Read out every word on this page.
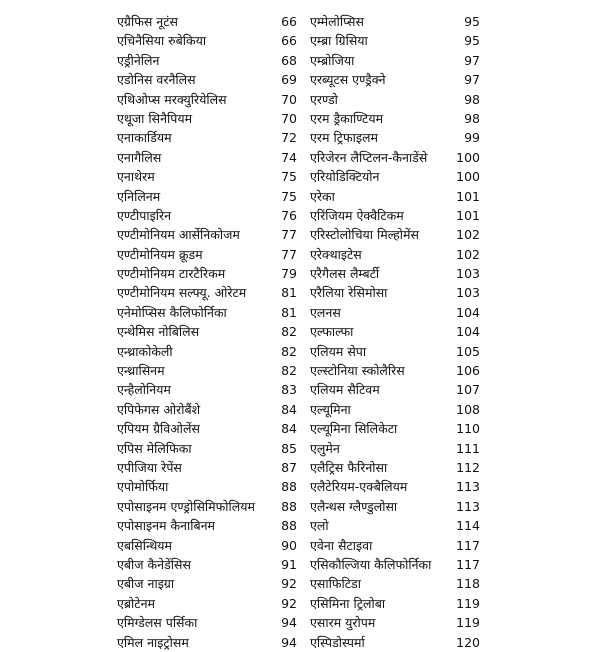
एग्रैफिस नूटंस	66
एचिनैसिया रुबेकिया	66
एड्रीनेलिन	68
एडोनिस वरनैलिस	69
एथिओप्स मरक्युरियेलिस	70
एथूजा सिनैपियम	70
एनाकार्डियम	72
एनागैलिस	74
एनाथेरम	75
एनिलिनम	75
एण्टीपाइरिन	76
एण्टीमोनियम आर्सेनिकोजम	77
एण्टीमोनियम क्रूडम	77
एण्टीमोनियम टारटैरिकम	79
एण्टीमोनियम सल्फ्यू. ओरेटम	81
एनेमोप्सिस कैलिफोर्निका	81
एन्थेमिस नोबिलिस	82
एन्थ्राकोकेली	82
एन्थ्रासिनम	82
एन्हैलोनियम	83
एपिफेगस ओरोबैंशे	84
एपियम ग्रैविओलेंस	84
एपिस मेलिफिका	85
एपीजिया रेपेंस	87
एपोमोर्फिया	88
एपोसाइनम एण्ड्रोसिमिफोलियम 88
एपोसाइनम कैनाबिनम	88
एबसिन्थियम	90
एबीज कैनेडेंसिस	91
एबीज नाइग्रा	92
एब्रोटेनम	92
एमिग्डेलस पर्सिका	94
एमिल नाइट्रोसम	94
एम्मेलोप्सिस	95
एम्ब्रा ग्रिसिया	95
एम्ब्रोजिया	97
एरब्यूटस एण्ड्रैक्ने	97
एरण्डो	98
एरम ड्रैकाण्टियम	98
एरम ट्रिफाइलम	99
एरिजेरन लैप्टिलन-कैनाडेंसे 100
एरियोडिक्टियोन	100
एरेका	101
एरिंजियम ऐक्वैटिकम	101
एरिस्टोलोचिया मिल्होमेंस	102
एरेक्थाइटेस	102
एरैगैलस लैम्बर्टी	103
एरैलिया रेसिमोसा	103
एलनस	104
एल्फाल्फा	104
एलियम सेपा	105
एल्स्टोनिया स्कोलैरिस	106
एलियम सैटिवम	107
एल्यूमिना	108
एल्यूमिना सिलिकेटा	110
एलुमेन	111
एलैट्रिस फैरिनोसा	112
एलैटेरियम-एक्बैलियम	113
एलैन्थस ग्लैण्डुलोसा	113
एलो	114
एवेना सैटाइवा	117
एसिकौल्जिया कैलिफोर्निका 117
एसाफिटिडा	118
एसिमिना ट्रिलोबा	119
एसारम युरोपम	119
एस्पिडोस्पर्मा	120
